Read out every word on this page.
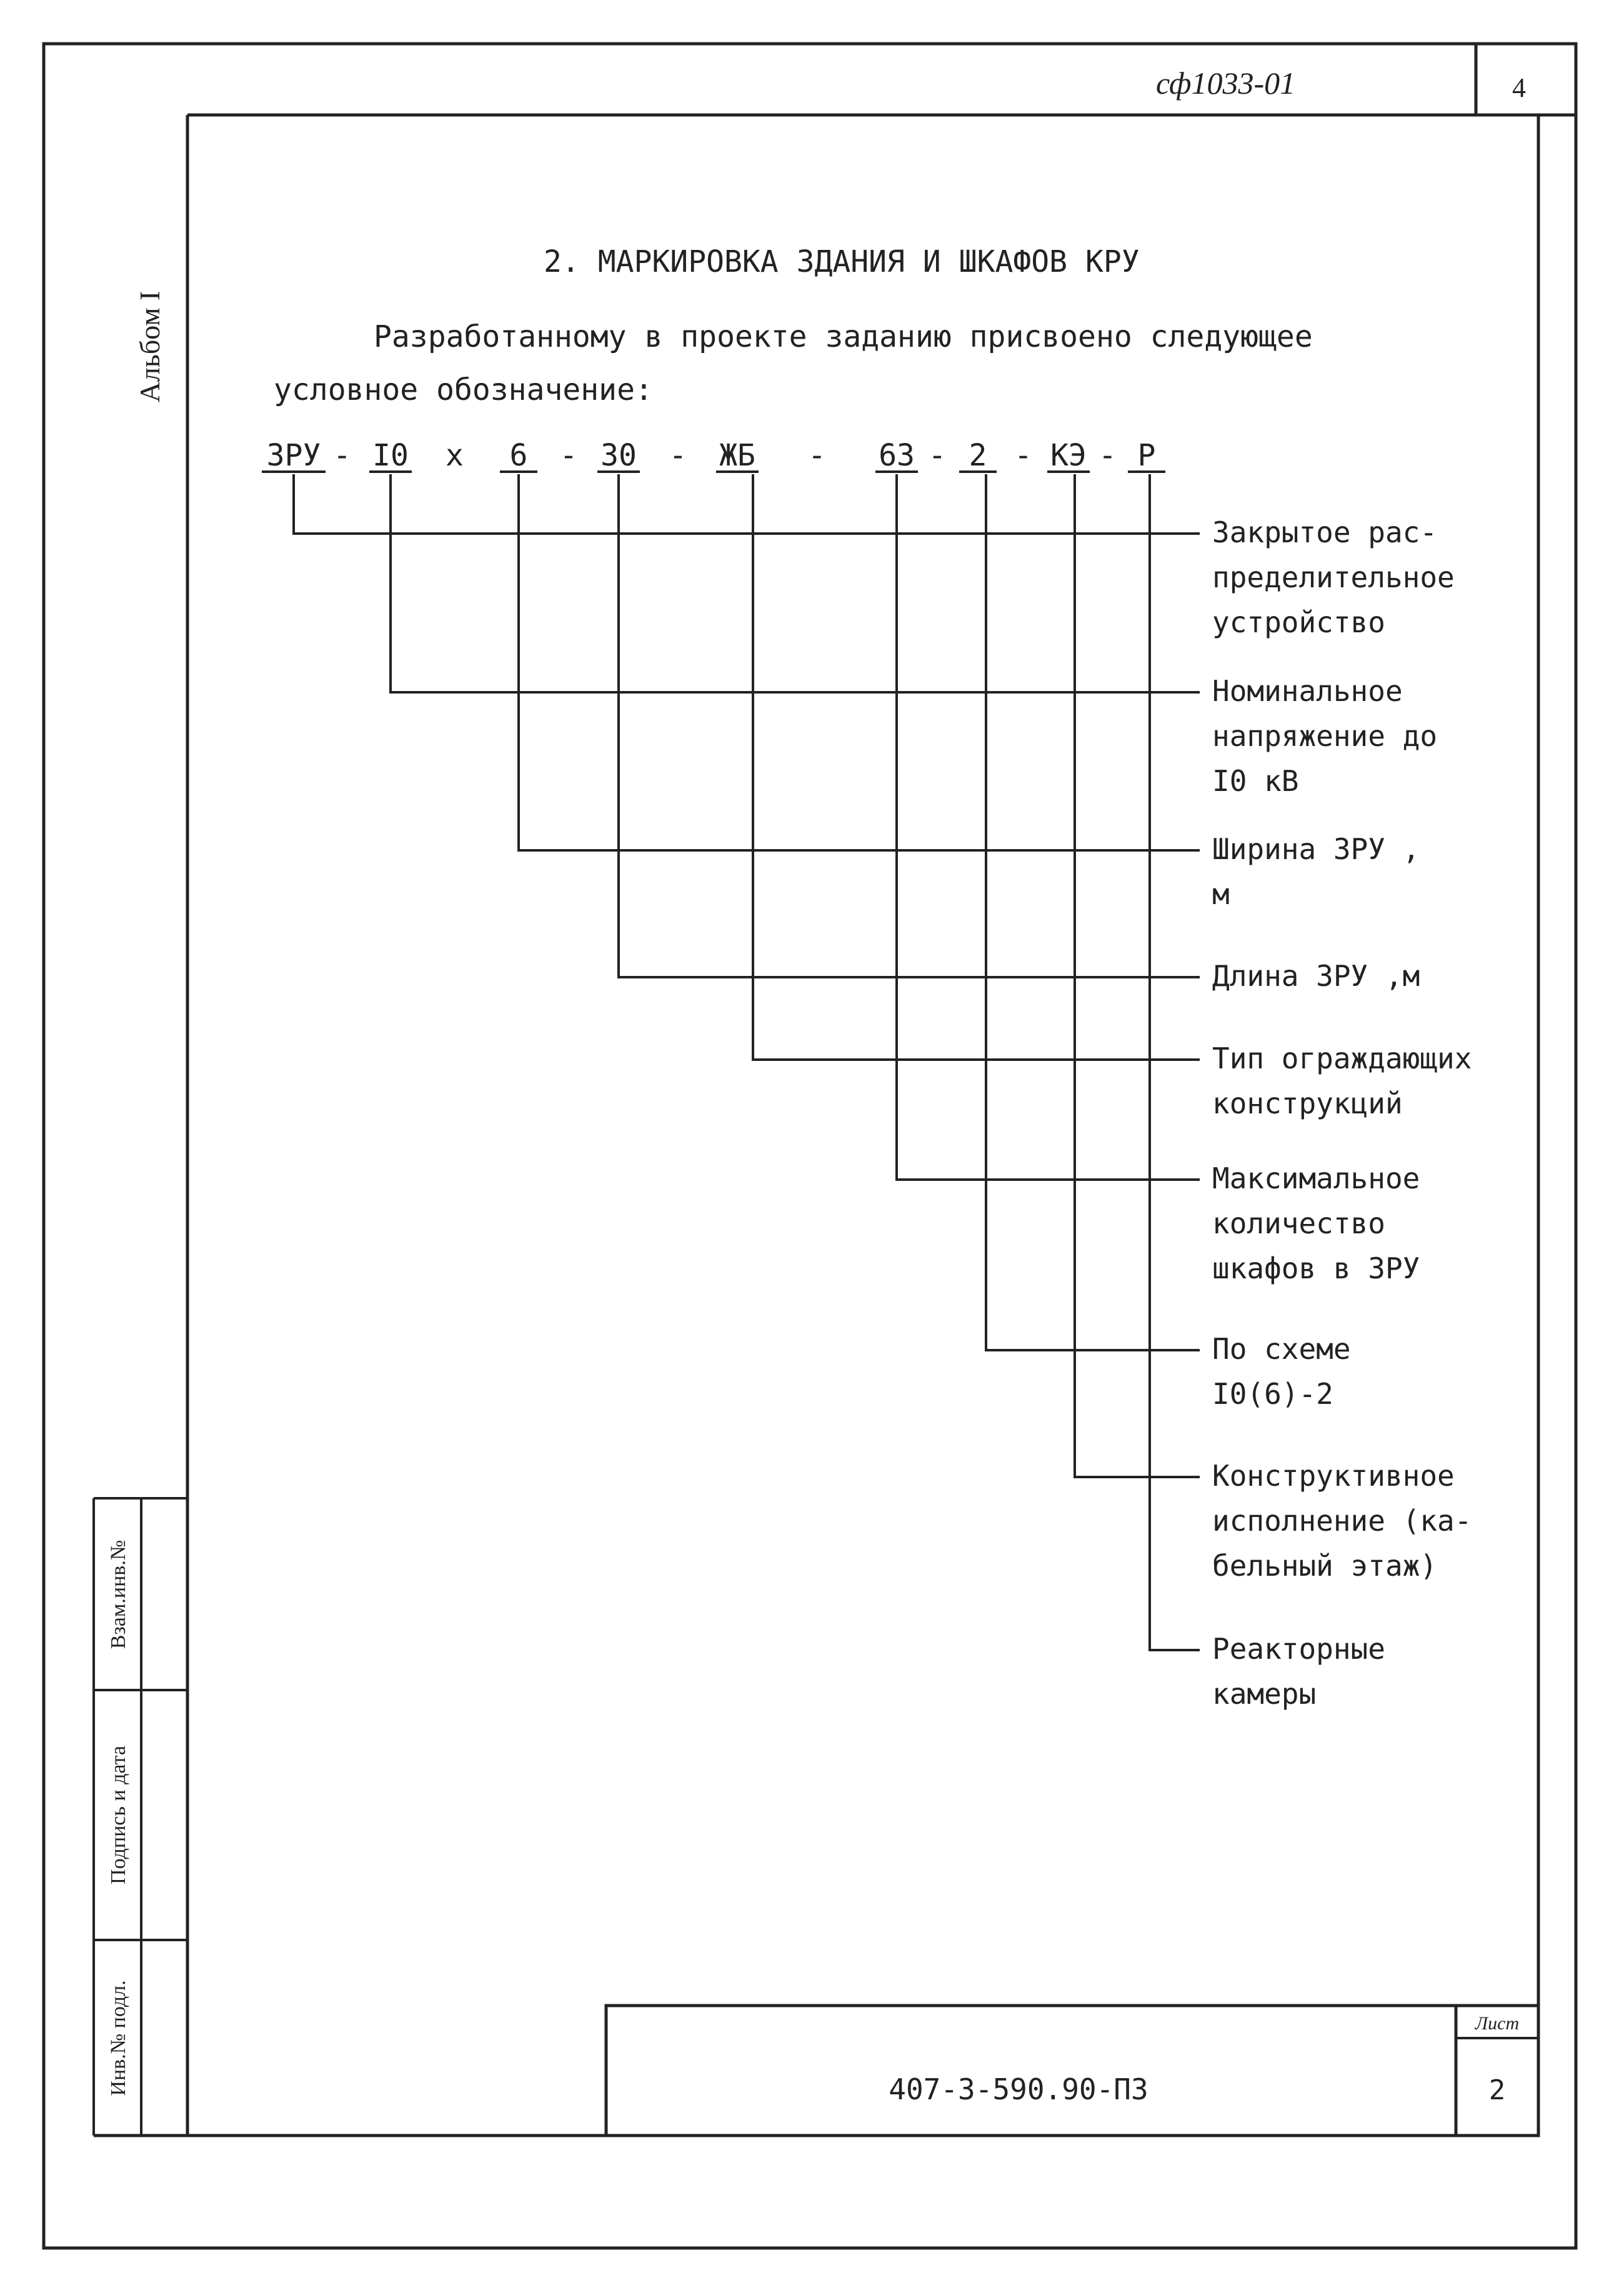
4
сф1033-01
Альбом I
Взам.инв.№
Подпись и дата
Инв.№ подл.	Лист
2
407-3-590.90-ПЗ
2. МАРКИРОВКА ЗДАНИЯ И ШКАФОВ КРУ
Разработанному в проекте заданию присвоено следующее
условное обозначение:
ЗРУ I0	6 30	ЖБ	63 2 КЭ Р
-	х	-	-	-	- - -
Закрытое рас-
пределительное
устройство
Номинальное
напряжение до
I0 кВ
Ширина ЗРУ ,
м
Длина ЗРУ ,м
Тип ограждающих
конструкций
Максимальное
количество
шкафов в ЗРУ
По схеме
I0(6)-2
Конструктивное
исполнение (ка-
бельный этаж)
Реакторные
камеры
